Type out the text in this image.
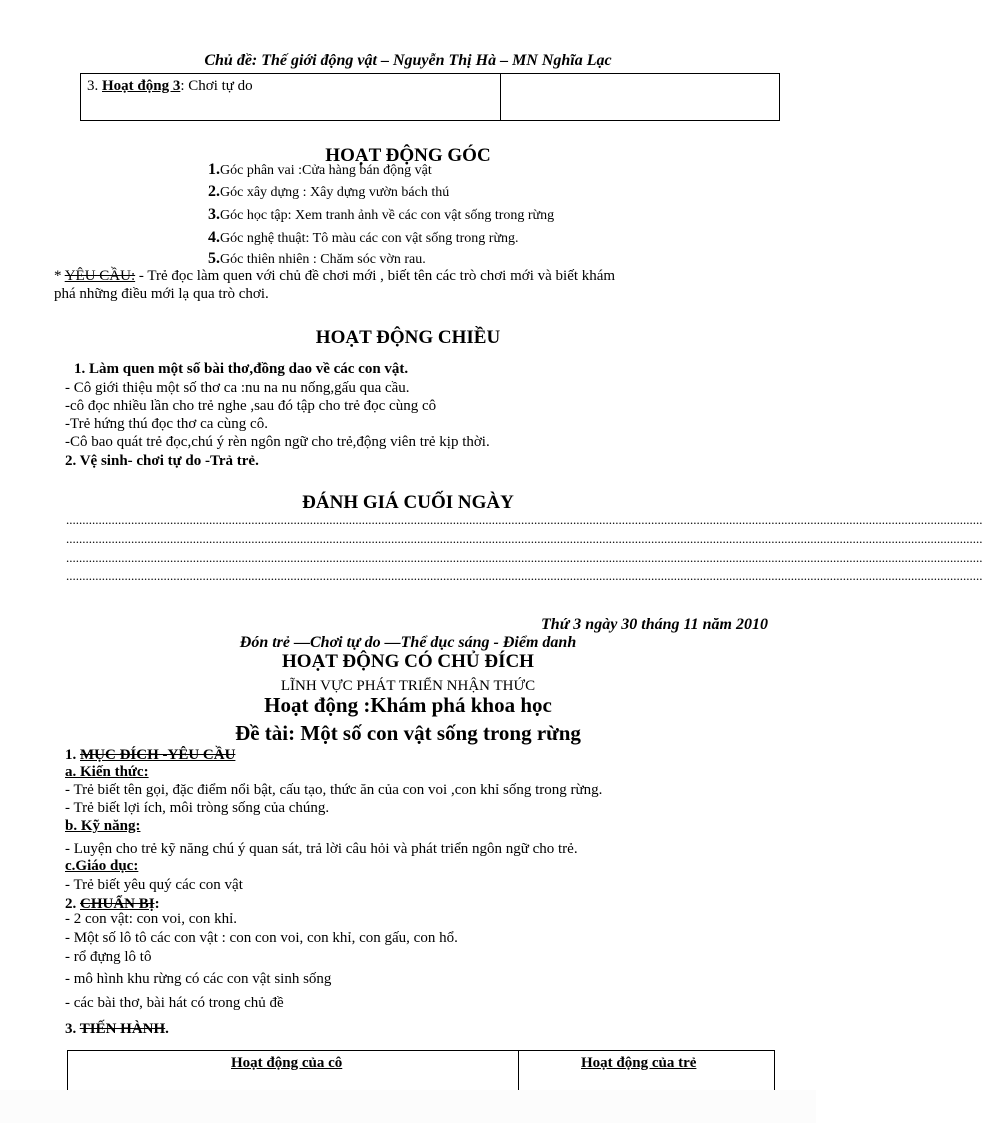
Chủ đề: Thế giới động vật – Nguyễn Thị Hà – MN Nghĩa Lạc
3. Hoạt động 3: Chơi tự do
HOẠT ĐỘNG GÓC
1.Góc phân vai :Cửa hàng bán động vật
2.Góc xây dựng : Xây dựng vườn bách thú
3.Góc học tập: Xem tranh ảnh về các con vật sống trong rừng
4.Góc nghệ thuật: Tô màu các con vật sống trong rừng.
5.Góc thiên nhiên : Chăm sóc vờn rau.
* YÊU CẦU: - Trẻ đọc làm quen với chủ đề chơi mới , biết tên các trò chơi mới và biết khám
phá những điều mới lạ qua trò chơi.
HOẠT ĐỘNG CHIỀU
1. Làm quen một số bài thơ,đồng dao về các con vật.
- Cô giới thiệu một số thơ ca :nu na nu nống,gấu qua cầu.
-cô đọc nhiều lần cho trẻ nghe ,sau đó tập cho trẻ đọc cùng cô
-Trẻ hứng thú đọc thơ ca cùng cô.
-Cô bao quát trẻ đọc,chú ý rèn ngôn ngữ cho trẻ,động viên trẻ kịp thời.
2. Vệ sinh- chơi tự do -Trả trẻ.
ĐÁNH GIÁ CUỐI NGÀY
..........................................................................................................................................................................................................................................................................................
..........................................................................................................................................................................................................................................................................................
..........................................................................................................................................................................................................................................................................................
..........................................................................................................................................................................................................................................................................................
Thứ 3 ngày 30 tháng 11 năm 2010
Đón trẻ —Chơi tự do —Thể dục sáng - Điểm danh
HOẠT ĐỘNG CÓ CHỦ ĐÍCH
LĨNH VỰC PHÁT TRIỂN NHẬN THỨC
Hoạt động :Khám phá khoa học
Đề tài: Một số con vật sống trong rừng
1. MỤC ĐÍCH -YÊU CẦU
a. Kiến thức:
- Trẻ biết tên gọi, đặc điểm nổi bật, cấu tạo, thức ăn của con voi ,con khỉ sống trong rừng.
- Trẻ biết lợi ích, môi tròng sống của chúng.
b. Kỹ năng:
- Luyện cho trẻ kỹ năng chú ý quan sát, trả lời câu hỏi và phát triển ngôn ngữ cho trẻ.
c.Giáo dục:
- Trẻ biết yêu quý các con vật
2. CHUẨN BỊ:
- 2 con vật: con voi, con khỉ.
- Một số lô tô các con vật : con con voi, con khỉ, con gấu, con hổ.
- rổ đựng lô tô
- mô hình khu rừng có các con vật sinh sống
- các bài thơ, bài hát có trong chủ đề
3. TIẾN HÀNH.
Hoạt động của cô	Hoạt động của trẻ
